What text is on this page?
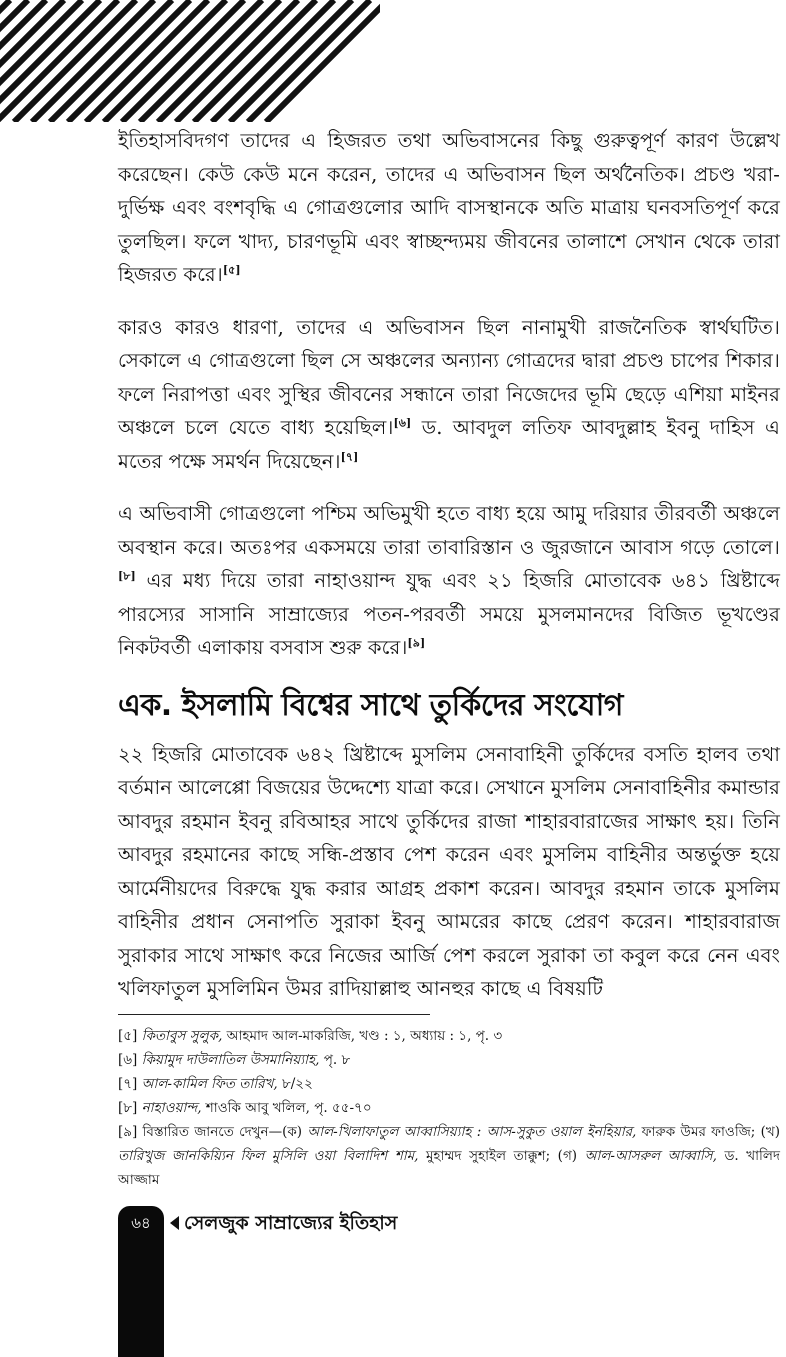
ইতিহাসবিদগণ তাদের এ হিজরত তথা অভিবাসনের কিছু গুরুত্বপূর্ণ কারণ উল্লেখ করেছেন। কেউ কেউ মনে করেন, তাদের এ অভিবাসন ছিল অর্থনৈতিক। প্রচণ্ড খরা-দুর্ভিক্ষ এবং বংশবৃদ্ধি এ গোত্রগুলোর আদি বাসস্থানকে অতি মাত্রায় ঘনবসতিপূর্ণ করে তুলছিল। ফলে খাদ্য, চারণভূমি এবং স্বাচ্ছন্দ্যময় জীবনের তালাশে সেখান থেকে তারা হিজরত করে।[৫]

কারও কারও ধারণা, তাদের এ অভিবাসন ছিল নানামুখী রাজনৈতিক স্বার্থঘটিত। সেকালে এ গোত্রগুলো ছিল সে অঞ্চলের অন্যান্য গোত্রদের দ্বারা প্রচণ্ড চাপের শিকার। ফলে নিরাপত্তা এবং সুস্থির জীবনের সন্ধানে তারা নিজেদের ভূমি ছেড়ে এশিয়া মাইনর অঞ্চলে চলে যেতে বাধ্য হয়েছিল।[৬] ড. আবদুল লতিফ আবদুল্লাহ ইবনু দাহিস এ মতের পক্ষে সমর্থন দিয়েছেন।[৭]

এ অভিবাসী গোত্রগুলো পশ্চিম অভিমুখী হতে বাধ্য হয়ে আমু দরিয়ার তীরবর্তী অঞ্চলে অবস্থান করে। অতঃপর একসময়ে তারা তাবারিস্তান ও জুরজানে আবাস গড়ে তোলে।[৮] এর মধ্য দিয়ে তারা নাহাওয়ান্দ যুদ্ধ এবং ২১ হিজরি মোতাবেক ৬৪১ খ্রিষ্টাব্দে পারস্যের সাসানি সাম্রাজ্যের পতন-পরবর্তী সময়ে মুসলমানদের বিজিত ভূখণ্ডের নিকটবর্তী এলাকায় বসবাস শুরু করে।[৯]

এক. ইসলামি বিশ্বের সাথে তুর্কিদের সংযোগ

২২ হিজরি মোতাবেক ৬৪২ খ্রিষ্টাব্দে মুসলিম সেনাবাহিনী তুর্কিদের বসতি হালব তথা বর্তমান আলেপ্পো বিজয়ের উদ্দেশ্যে যাত্রা করে। সেখানে মুসলিম সেনাবাহিনীর কমান্ডার আবদুর রহমান ইবনু রবিআহর সাথে তুর্কিদের রাজা শাহারবারাজের সাক্ষাৎ হয়। তিনি আবদুর রহমানের কাছে সন্ধি-প্রস্তাব পেশ করেন এবং মুসলিম বাহিনীর অন্তর্ভুক্ত হয়ে আর্মেনীয়দের বিরুদ্ধে যুদ্ধ করার আগ্রহ প্রকাশ করেন। আবদুর রহমান তাকে মুসলিম বাহিনীর প্রধান সেনাপতি সুরাকা ইবনু আমরের কাছে প্রেরণ করেন। শাহারবারাজ সুরাকার সাথে সাক্ষাৎ করে নিজের আর্জি পেশ করলে সুরাকা তা কবুল করে নেন এবং খলিফাতুল মুসলিমিন উমর রাদিয়াল্লাহু আনহুর কাছে এ বিষয়টি

[৫] কিতাবুস সুলুক, আহমাদ আল-মাকরিজি, খণ্ড : ১, অধ্যায় : ১, পৃ. ৩

[৬] কিয়ামুদ দাউলাতিল উসমানিয়্যাহ, পৃ. ৮

[৭] আল-কামিল ফিত তারিখ, ৮/২২

[৮] নাহাওয়ান্দ, শাওকি আবু খলিল, পৃ. ৫৫-৭০

[৯] বিস্তারিত জানতে দেখুন—(ক) আল-খিলাফাতুল আব্বাসিয়্যাহ : আস-সুকুত ওয়াল ইনহিয়ার, ফারুক উমর ফাওজি; (খ) তারিখুজ জানকিয়্যিন ফিল মুসিলি ওয়া বিলাদিশ শাম, মুহাম্মদ সুহাইল তাক্কুশ; (গ) আল-আসরুল আব্বাসি, ড. খালিদ আজ্জাম

৬৪	সেলজুক সাম্রাজ্যের ইতিহাস
